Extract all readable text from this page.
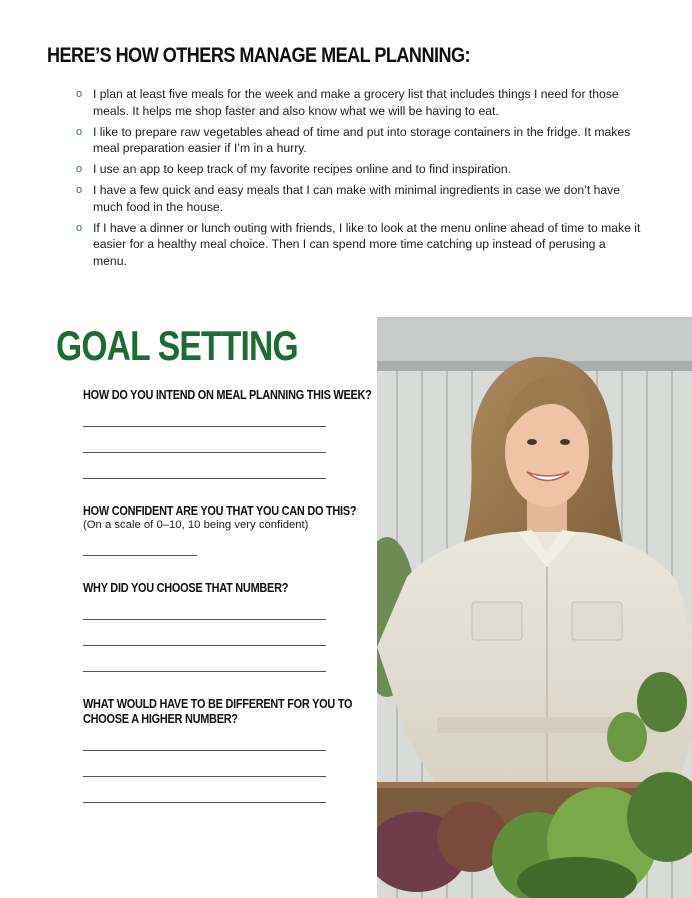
HERE’S HOW OTHERS MANAGE MEAL PLANNING:
o I plan at least five meals for the week and make a grocery list that includes things I need for those meals. It helps me shop faster and also know what we will be having to eat.
o I like to prepare raw vegetables ahead of time and put into storage containers in the fridge. It makes meal preparation easier if I’m in a hurry.
o I use an app to keep track of my favorite recipes online and to find inspiration.
o I have a few quick and easy meals that I can make with minimal ingredients in case we don’t have much food in the house.
o If I have a dinner or lunch outing with friends, I like to look at the menu online ahead of time to make it easier for a healthy meal choice. Then I can spend more time catching up instead of perusing a menu.
GOAL SETTING

HOW DO YOU INTEND ON MEAL PLANNING THIS WEEK?

HOW CONFIDENT ARE YOU THAT YOU CAN DO THIS?

(On a scale of 0–10, 10 being very confident)

WHY DID YOU CHOOSE THAT NUMBER?

WHAT WOULD HAVE TO BE DIFFERENT FOR YOU TO

CHOOSE A HIGHER NUMBER?
